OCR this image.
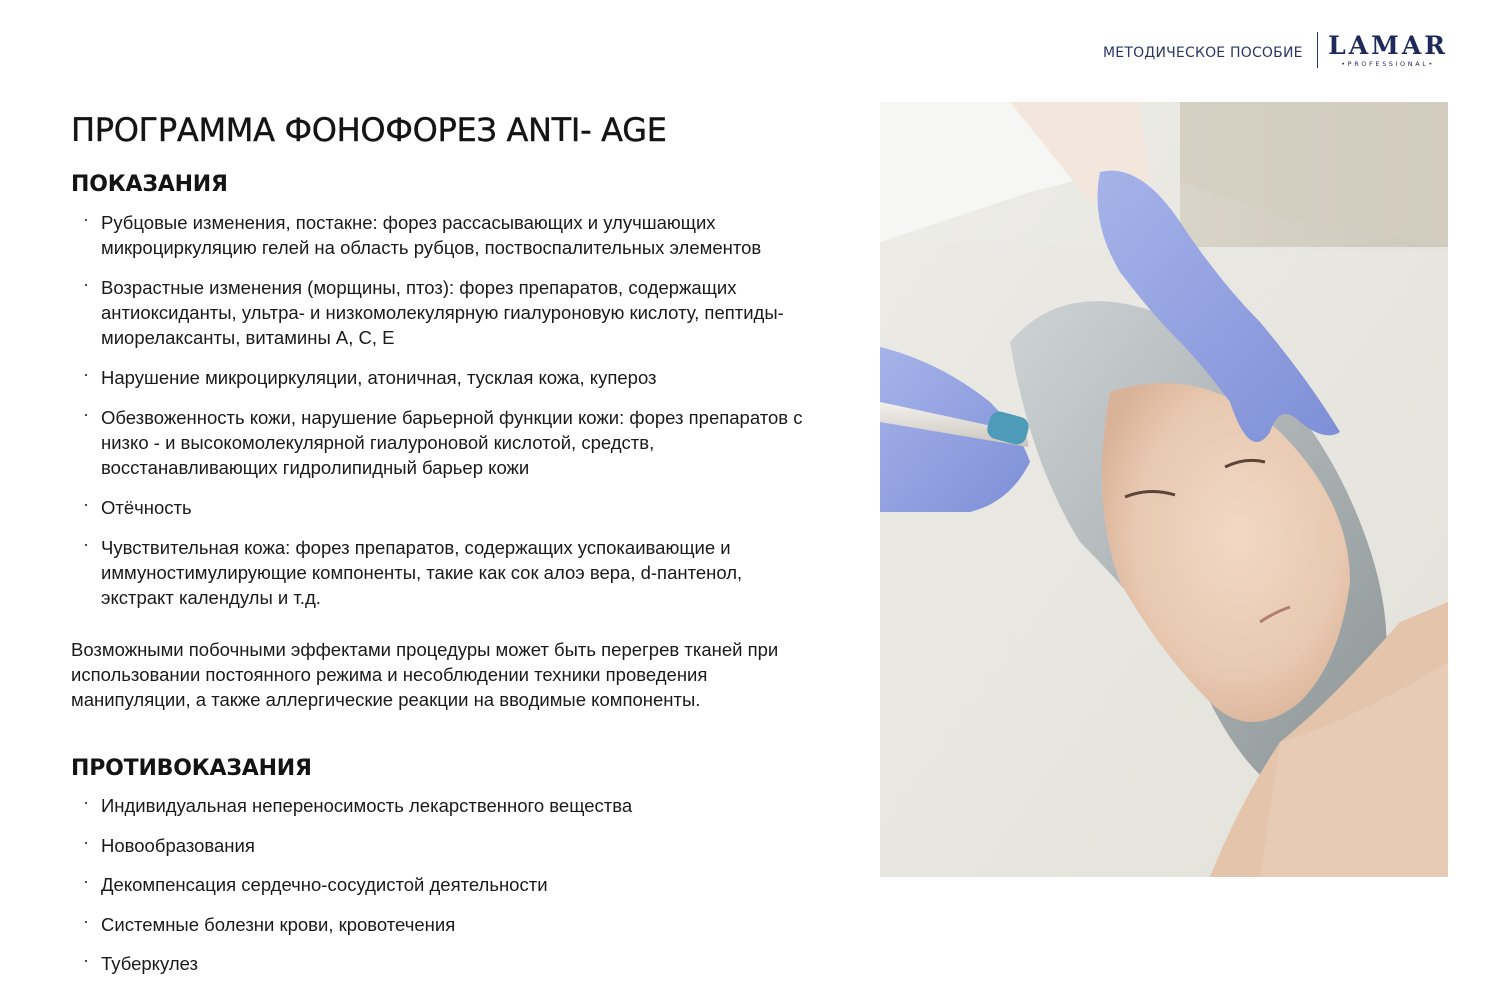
МЕТОДИЧЕСКОЕ ПОСОБИЕ LAMAR
•PROFESSIONAL•
ПРОГРАММА ФОНОФОРЕЗ ANTI- AGE
ПОКАЗАНИЯ
· Рубцовые изменения, постакне: форез рассасывающих и улучшающих микроциркуляцию гелей на область рубцов, поствоспалительных элементов
· Возрастные изменения (морщины, птоз): форез препаратов, содержащих антиоксиданты, ультра- и низкомолекулярную гиалуроновую кислоту, пептиды-миорелаксанты, витамины А, С, Е
· Нарушение микроциркуляции, атоничная, тусклая кожа, купероз
· Обезвоженность кожи, нарушение барьерной функции кожи: форез препаратов с низко - и высокомолекулярной гиалуроновой кислотой, средств, восстанавливающих гидролипидный барьер кожи
· Отёчность
· Чувствительная кожа: форез препаратов, содержащих успокаивающие и иммуностимулирующие компоненты, такие как сок алоэ вера, d-пантенол, экстракт календулы и т.д.

Возможными побочными эффектами процедуры может быть перегрев тканей при использовании постоянного режима и несоблюдении техники проведения манипуляции, а также аллергические реакции на вводимые компоненты.

ПРОТИВОКАЗАНИЯ
· Индивидуальная непереносимость лекарственного вещества
· Новообразования
· Декомпенсация сердечно-сосудистой деятельности
· Системные болезни крови, кровотечения
· Туберкулез
